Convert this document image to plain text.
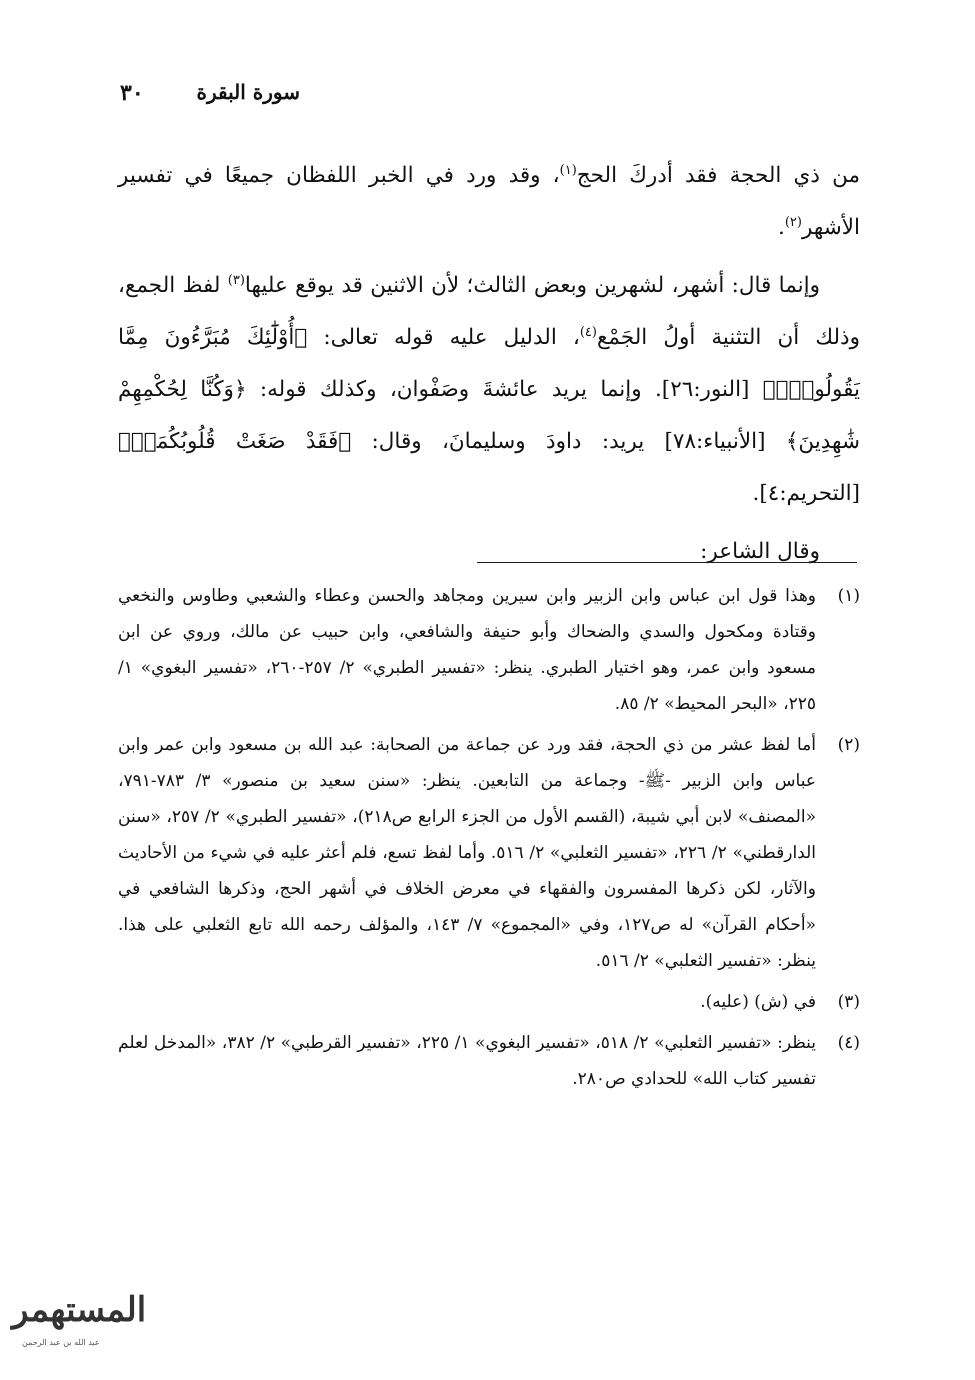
٣٠	سورة البقرة

من ذي الحجة فقد أدركَ الحج$^{(١)}$، وقد ورد في الخبر اللفظان جميعًا في تفسير الأشهر$^{(٢)}$.

وإنما قال: أشهر، لشهرين وبعض الثالث؛ لأن الاثنين قد يوقع عليها$^{(٣)}$ لفظ الجمع، وذلك أن التثنية أولُ الجَمْع$^{(٤)}$، الدليل عليه قوله تعالى: ﴿أُوْلَٰٓئِكَ مُبَرَّءُونَ مِمَّا يَقُولُونَۖ﴾ [النور:٢٦]. وإنما يريد عائشةَ وصَفْوان، وكذلك قوله: ﴿وَكُنَّا لِحُكْمِهِمْ شَٰهِدِينَ﴾ [الأنبياء:٧٨] يريد: داودَ وسليمانَ، وقال: ﴿فَقَدْ صَغَتْ قُلُوبُكُمَاۖ﴾ [التحريم:٤].

وقال الشاعر:

(١)
وهذا قول ابن عباس وابن الزبير وابن سيرين ومجاهد والحسن وعطاء والشعبي وطاوس والنخعي وقتادة ومكحول والسدي والضحاك وأبو حنيفة والشافعي، وابن حبيب عن مالك، وروي عن ابن مسعود وابن عمر، وهو اختيار الطبري. ينظر: «تفسير الطبري» ٢/ ٢٥٧-٢٦٠، «تفسير البغوي» ١/ ٢٢٥، «البحر المحيط» ٢/ ٨٥.
(٢)
أما لفظ عشر من ذي الحجة، فقد ورد عن جماعة من الصحابة: عبد الله بن مسعود وابن عمر وابن عباس وابن الزبير -ﷺ- وجماعة من التابعين. ينظر: «سنن سعيد بن منصور» ٣/ ٧٨٣-٧٩١، «المصنف» لابن أبي شيبة، (القسم الأول من الجزء الرابع ص٢١٨)، «تفسير الطبري» ٢/ ٢٥٧، «سنن الدارقطني» ٢/ ٢٢٦، «تفسير الثعلبي» ٢/ ٥١٦. وأما لفظ تسع، فلم أعثر عليه في شيء من الأحاديث والآثار، لكن ذكرها المفسرون والفقهاء في معرض الخلاف في أشهر الحج، وذكرها الشافعي في «أحكام القرآن» له ص١٢٧، وفي «المجموع» ٧/ ١٤٣، والمؤلف رحمه الله تابع الثعلبي على هذا. ينظر: «تفسير الثعلبي» ٢/ ٥١٦.
(٣)
في (ش) (عليه).
(٤)
ينظر: «تفسير الثعلبي» ٢/ ٥١٨، «تفسير البغوي» ١/ ٢٢٥، «تفسير القرطبي» ٢/ ٣٨٢، «المدخل لعلم تفسير كتاب الله» للحدادي ص٢٨٠.
المستهمر
عبد الله بن عبد الرحمن
